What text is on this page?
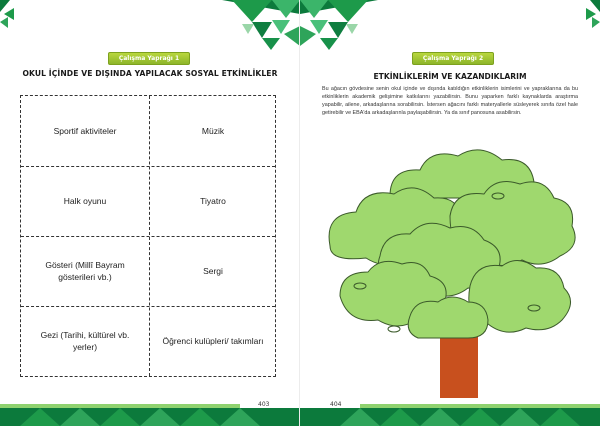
Çalışma Yaprağı 1
OKUL İÇİNDE VE DIŞINDA YAPILACAK SOSYAL ETKİNLİKLER
Sportif aktiviteler	Müzik
Halk oyunu	Tiyatro
Gösteri (Millî Bayram gösterileri vb.)
Sergi
Gezi (Tarihi, kültürel vb. yerler)
Öğrenci kulüpleri/ takımları
403
Çalışma Yaprağı 2
ETKİNLİKLERİM VE KAZANDIKLARIM
Bu ağacın gövdesine senin okul içinde ve dışında katıldığın etkinliklerin isimlerini ve yapraklarına da bu etkinliklerin akademik gelişimine katkılarını yazabilirsin. Bunu yaparken farklı kaynaklarda araştırma yapabilir, ailene, arkadaşlarına sorabilirsin. İstersen ağacını farklı materyallerle süsleyerek sınıfa özel hale getirebilir ve EBA'da arkadaşlarınla paylaşabilirsin. Ya da sınıf panosuna asabilirsin.
404
